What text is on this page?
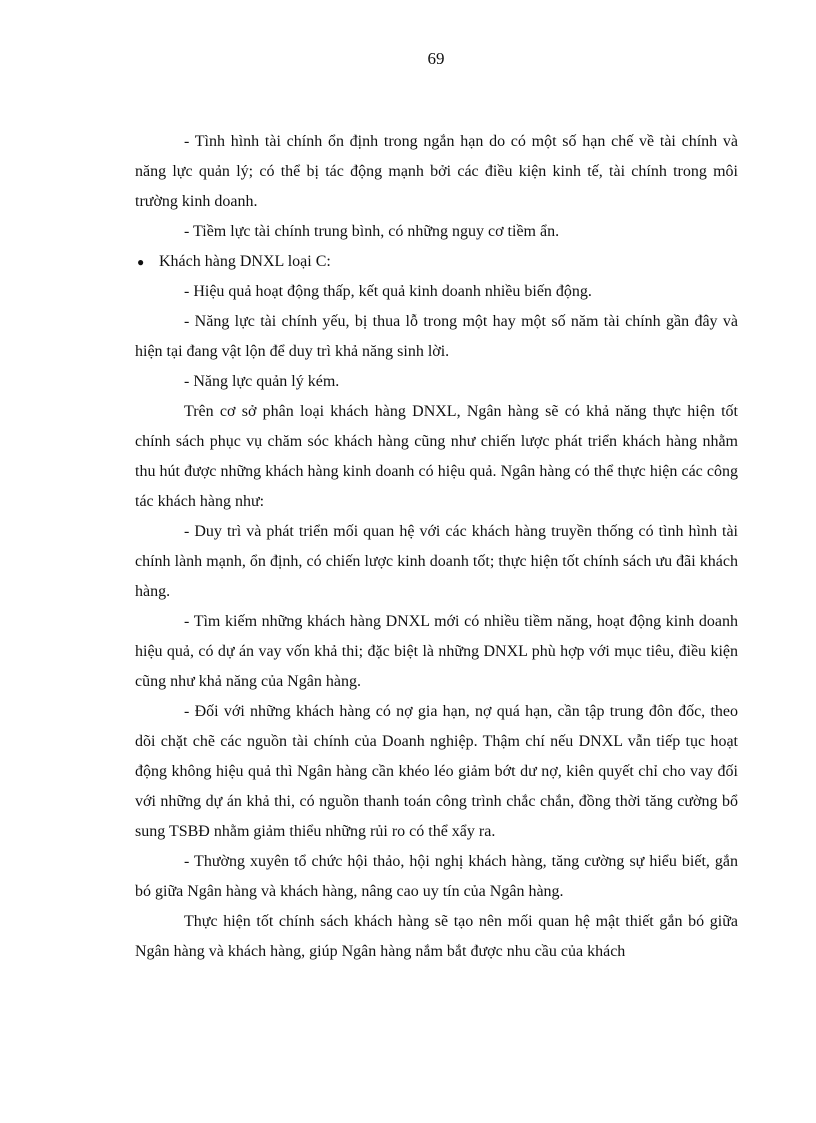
69

- Tình hình tài chính ổn định trong ngắn hạn do có một số hạn chế về tài chính và năng lực quản lý; có thể bị tác động mạnh bởi các điều kiện kinh tế, tài chính trong môi trường kinh doanh.

- Tiềm lực tài chính trung bình, có những nguy cơ tiềm ẩn.

● Khách hàng DNXL loại C:

- Hiệu quả hoạt động thấp, kết quả kinh doanh nhiều biến động.

- Năng lực tài chính yếu, bị thua lỗ trong một hay một số năm tài chính gần đây và hiện tại đang vật lộn để duy trì khả năng sinh lời.

- Năng lực quản lý kém.

Trên cơ sở phân loại khách hàng DNXL, Ngân hàng sẽ có khả năng thực hiện tốt chính sách phục vụ chăm sóc khách hàng cũng như chiến lược phát triển khách hàng nhằm thu hút được những khách hàng kinh doanh có hiệu quả. Ngân hàng có thể thực hiện các công tác khách hàng như:

- Duy trì và phát triển mối quan hệ với các khách hàng truyền thống có tình hình tài chính lành mạnh, ổn định, có chiến lược kinh doanh tốt; thực hiện tốt chính sách ưu đãi khách hàng.

- Tìm kiếm những khách hàng DNXL mới có nhiều tiềm năng, hoạt động kinh doanh hiệu quả, có dự án vay vốn khả thi; đặc biệt là những DNXL phù hợp với mục tiêu, điều kiện cũng như khả năng của Ngân hàng.

- Đối với những khách hàng có nợ gia hạn, nợ quá hạn, cần tập trung đôn đốc, theo dõi chặt chẽ các nguồn tài chính của Doanh nghiệp. Thậm chí nếu DNXL vẫn tiếp tục hoạt động không hiệu quả thì Ngân hàng cần khéo léo giảm bớt dư nợ, kiên quyết chỉ cho vay đối với những dự án khả thi, có nguồn thanh toán công trình chắc chắn, đồng thời tăng cường bổ sung TSBĐ nhằm giảm thiểu những rủi ro có thể xẩy ra.

- Thường xuyên tổ chức hội thảo, hội nghị khách hàng, tăng cường sự hiểu biết, gắn bó giữa Ngân hàng và khách hàng, nâng cao uy tín của Ngân hàng.

Thực hiện tốt chính sách khách hàng sẽ tạo nên mối quan hệ mật thiết gắn bó giữa Ngân hàng và khách hàng, giúp Ngân hàng nắm bắt được nhu cầu của khách
